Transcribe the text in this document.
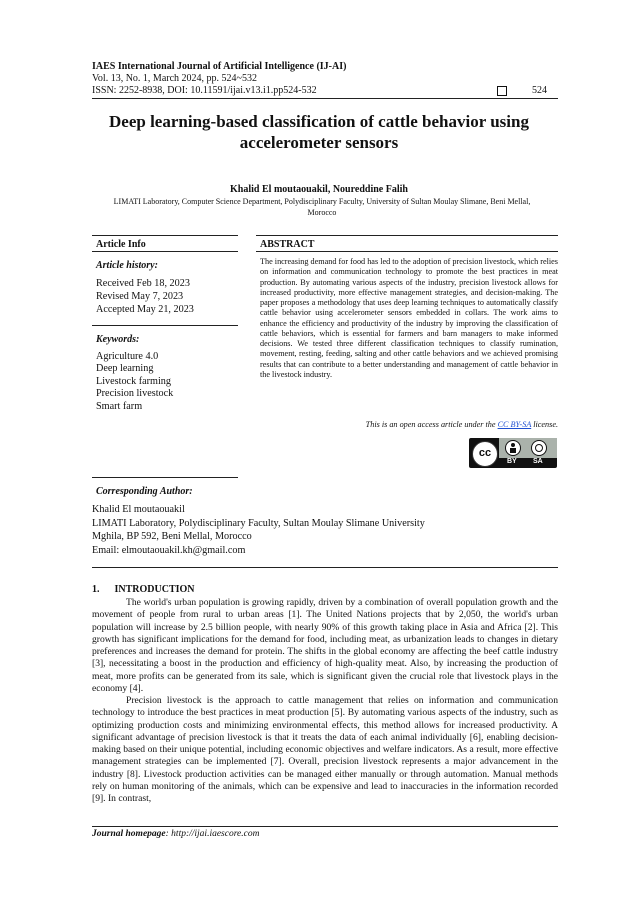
IAES International Journal of Artificial Intelligence (IJ-AI)
Vol. 13, No. 1, March 2024, pp. 524~532
ISSN: 2252-8938, DOI: 10.11591/ijai.v13.i1.pp524-532	524
Deep learning-based classification of cattle behavior using
accelerometer sensors
Khalid El moutaouakil, Noureddine Falih
LIMATI Laboratory, Computer Science Department, Polydisciplinary Faculty, University of Sultan Moulay Slimane, Beni Mellal,
Morocco
Article Info
Article history:
Received Feb 18, 2023
Revised May 7, 2023
Accepted May 21, 2023
Keywords:
Agriculture 4.0
Deep learning
Livestock farming
Precision livestock
Smart farm
ABSTRACT
The increasing demand for food has led to the adoption of precision livestock, which relies on information and communication technology to promote the best practices in meat production. By automating various aspects of the industry, precision livestock allows for increased productivity, more effective management strategies, and decision-making. The paper proposes a methodology that uses deep learning techniques to automatically classify cattle behavior using accelerometer sensors embedded in collars. The work aims to enhance the efficiency and productivity of the industry by improving the classification of cattle behaviors, which is essential for farmers and barn managers to make informed decisions. We tested three different classification techniques to classify rumination, movement, resting, feeding, salting and other cattle behaviors and we achieved promising results that can contribute to a better understanding and management of cattle behavior in the livestock industry.
This is an open access article under the CC BY-SA license.
cc
BY SA
Corresponding Author:
Khalid El moutaouakil
LIMATI Laboratory, Polydisciplinary Faculty, Sultan Moulay Slimane University
Mghila, BP 592, Beni Mellal, Morocco
Email: elmoutaouakil.kh@gmail.com
1.      INTRODUCTION

The world's urban population is growing rapidly, driven by a combination of overall population growth and the movement of people from rural to urban areas [1]. The United Nations projects that by 2,050, the world's urban population will increase by 2.5 billion people, with nearly 90% of this growth taking place in Asia and Africa [2]. This growth has significant implications for the demand for food, including meat, as urbanization leads to changes in dietary preferences and increases the demand for protein. The shifts in the global economy are affecting the beef cattle industry [3], necessitating a boost in the production and efficiency of high-quality meat. Also, by increasing the production of meat, more profits can be generated from its sale, which is significant given the crucial role that livestock plays in the economy [4].

Precision livestock is the approach to cattle management that relies on information and communication technology to introduce the best practices in meat production [5]. By automating various aspects of the industry, such as optimizing production costs and minimizing environmental effects, this method allows for increased productivity. A significant advantage of precision livestock is that it treats the data of each animal individually [6], enabling decision-making based on their unique potential, including economic objectives and welfare indicators. As a result, more effective management strategies can be implemented [7]. Overall, precision livestock represents a major advancement in the industry [8]. Livestock production activities can be managed either manually or through automation. Manual methods rely on human monitoring of the animals, which can be expensive and lead to inaccuracies in the information recorded [9]. In contrast,

Journal homepage: http://ijai.iaescore.com
